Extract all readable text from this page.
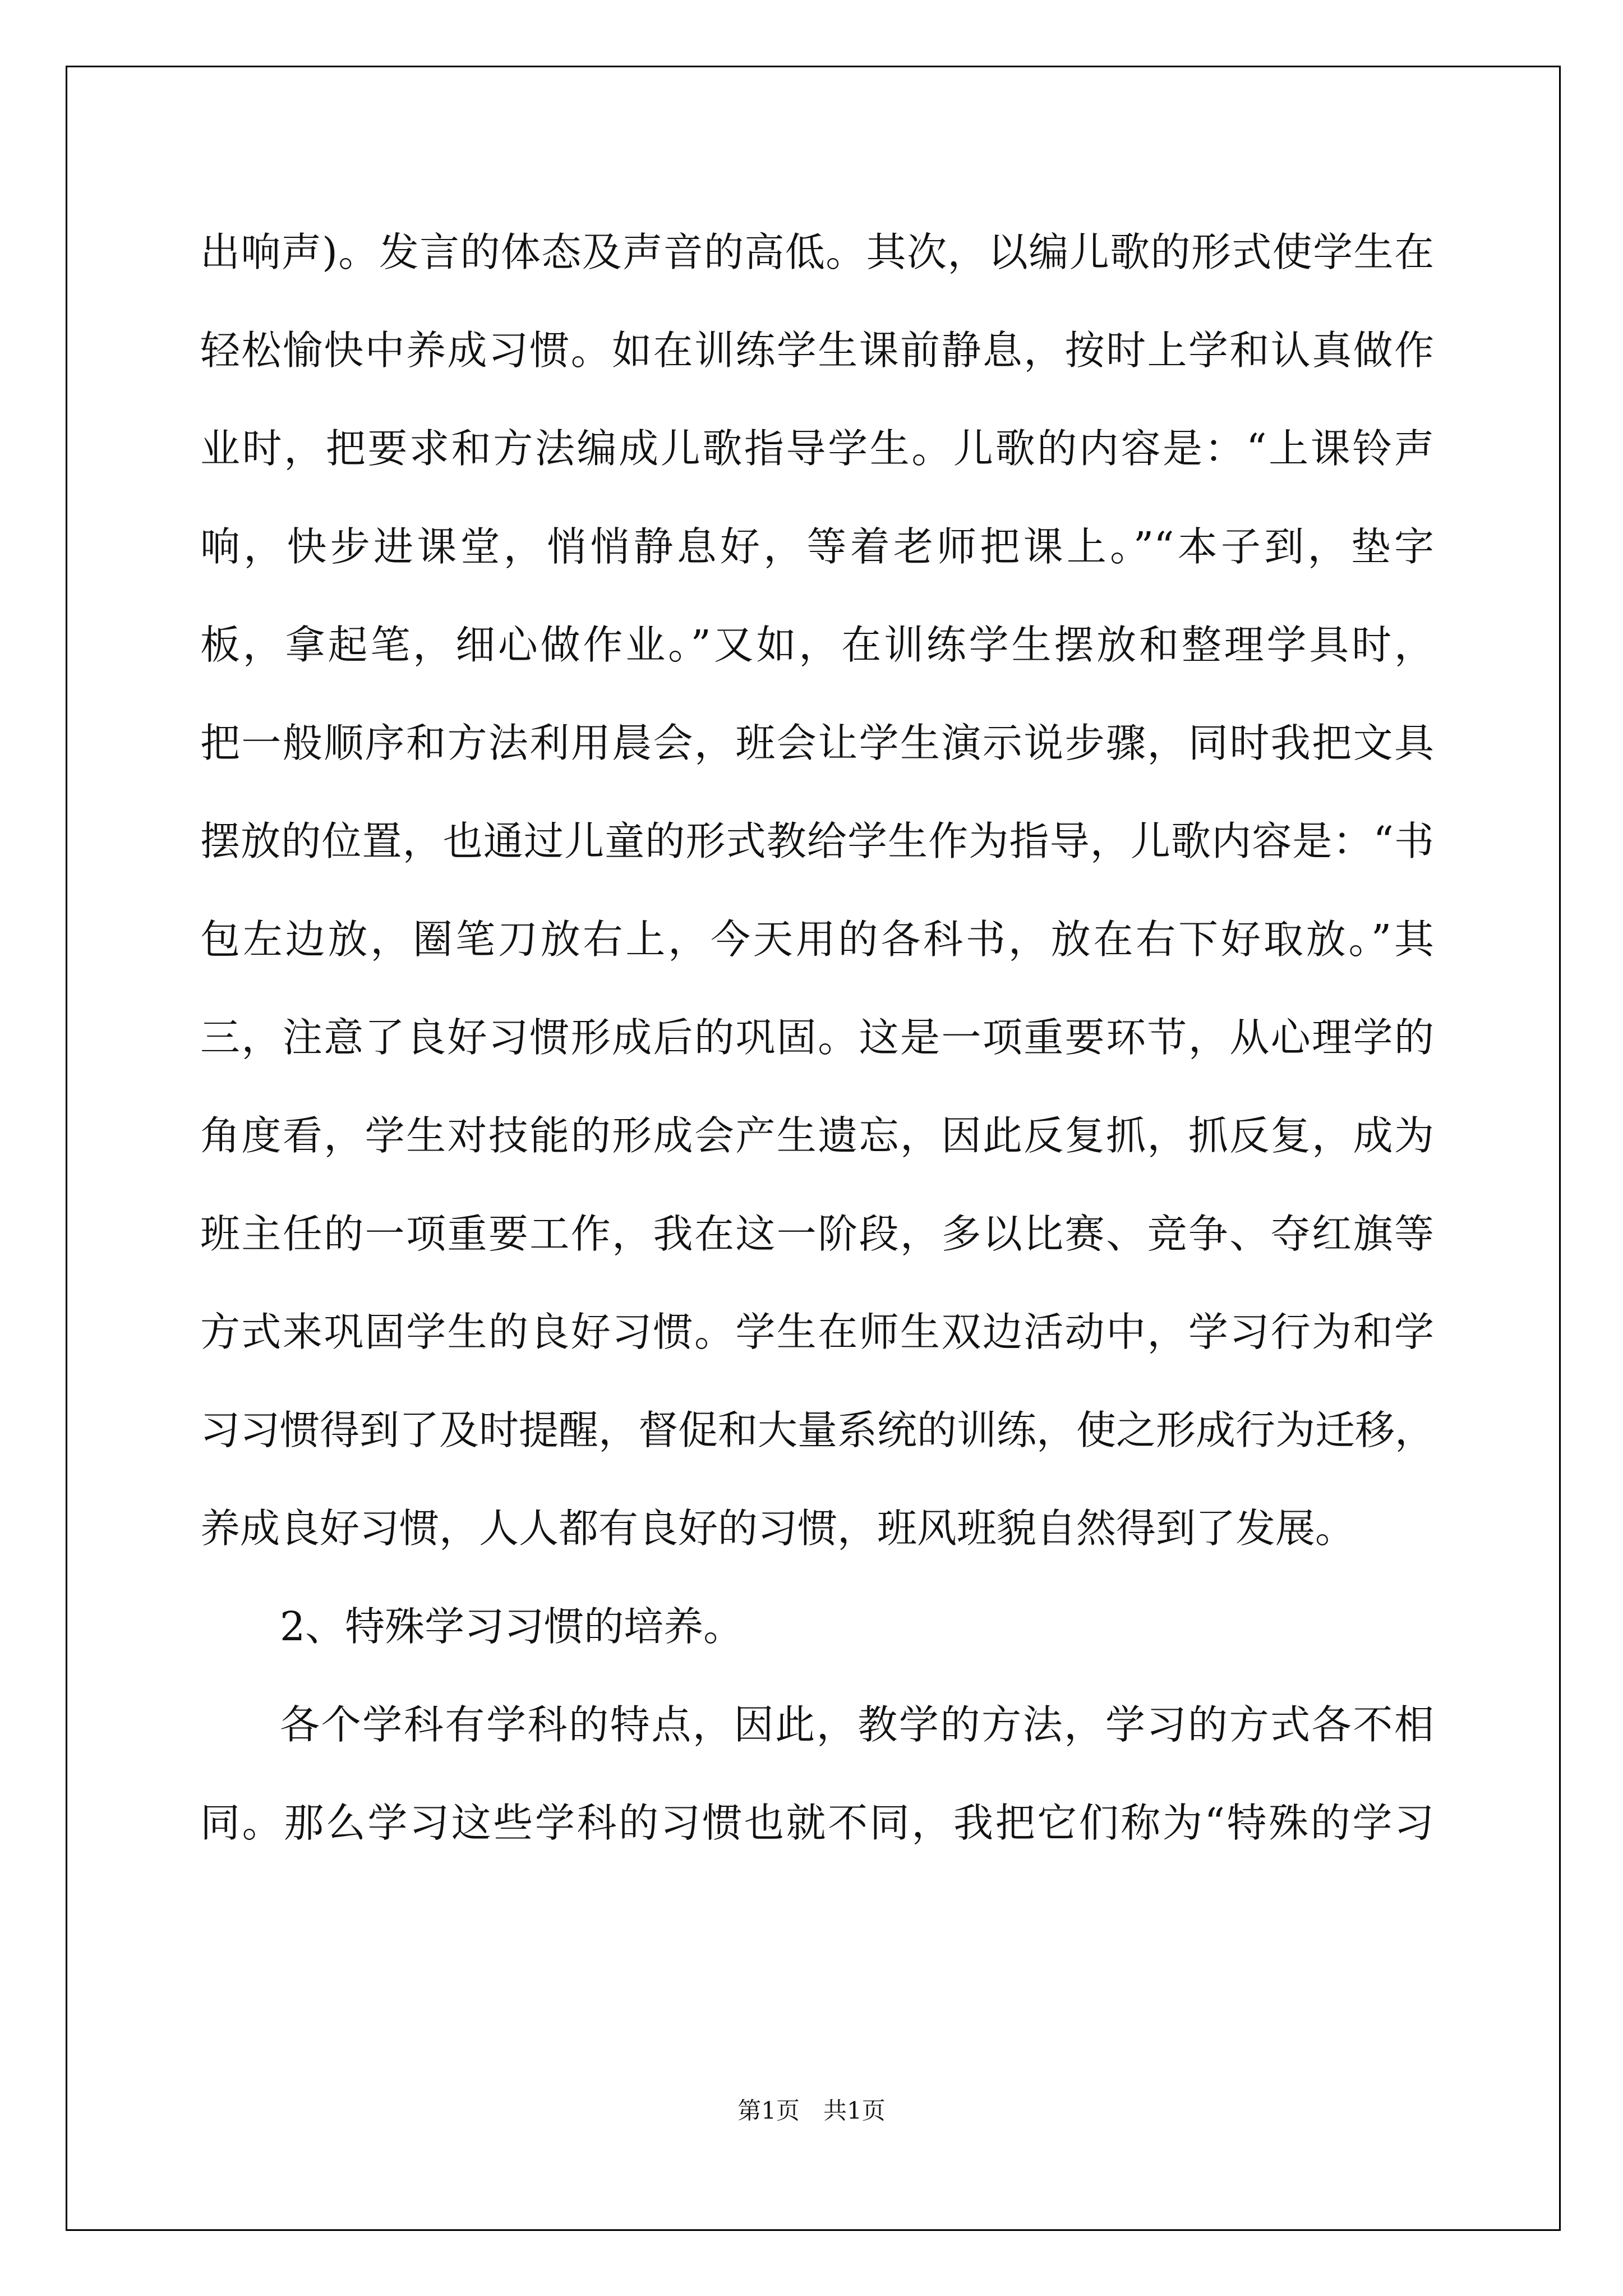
出响声)。发言的体态及声音的高低。其次，以编儿歌的形式使学生在
轻松愉快中养成习惯。如在训练学生课前静息，按时上学和认真做作
业时，把要求和方法编成儿歌指导学生。儿歌的内容是：“上课铃声
响，快步进课堂，悄悄静息好，等着老师把课上。”“本子到，垫字
板，拿起笔，细心做作业。”又如，在训练学生摆放和整理学具时，
把一般顺序和方法利用晨会，班会让学生演示说步骤，同时我把文具
摆放的位置，也通过儿童的形式教给学生作为指导，儿歌内容是：“书
包左边放，圈笔刀放右上，今天用的各科书，放在右下好取放。”其
三，注意了良好习惯形成后的巩固。这是一项重要环节，从心理学的
角度看，学生对技能的形成会产生遗忘，因此反复抓，抓反复，成为
班主任的一项重要工作，我在这一阶段，多以比赛、竞争、夺红旗等
方式来巩固学生的良好习惯。学生在师生双边活动中，学习行为和学
习习惯得到了及时提醒，督促和大量系统的训练，使之形成行为迁移，
养成良好习惯，人人都有良好的习惯，班风班貌自然得到了发展。
2、特殊学习习惯的培养。
各个学科有学科的特点，因此，教学的方法，学习的方式各不相
同。那么学习这些学科的习惯也就不同，我把它们称为“特殊的学习
第1页　共1页
